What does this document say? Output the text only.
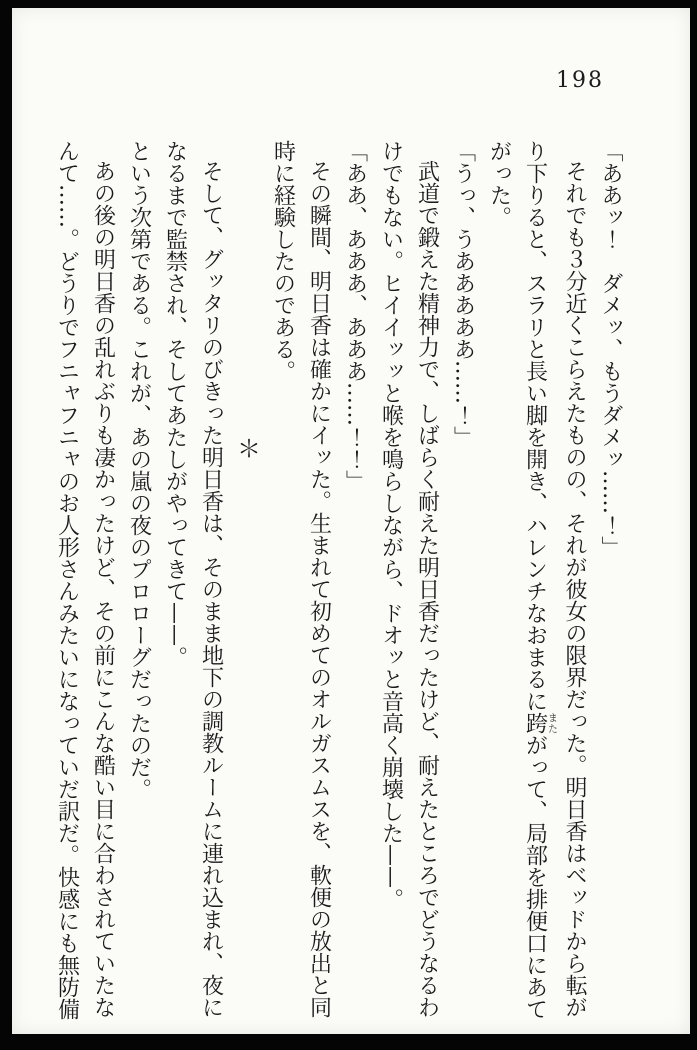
198
「ああッ！　ダメッ、もうダメッ……！」
それでも３分近くこらえたものの、それが彼女の限界だった。明日香はベッドから転が
り下りると、スラリと長い脚を開き、ハレンチなおまるに跨またがって、局部を排便口にあて
がった。
「うっ、うあああああ……！」
武道で鍛えた精神力で、しばらく耐えた明日香だったけど、耐えたところでどうなるわ
けでもない。ヒイイッッと喉を鳴らしながら、ドオッと音高く崩壊した——。
「ああ、あああ、あああ……！！」
その瞬間、明日香は確かにイッた。生まれて初めてのオルガスムスを、軟便の放出と同
時に経験したのである。
＊
そして、グッタリのびきった明日香は、そのまま地下の調教ルームに連れ込まれ、夜に
なるまで監禁され、そしてあたしがやってきて——。
という次第である。これが、あの嵐の夜のプロローグだったのだ。
あの後の明日香の乱れぶりも凄かったけど、その前にこんな酷い目に合わされていたな
んて……。どうりでフニャフニャのお人形さんみたいになっていだ訳だ。快感にも無防備
